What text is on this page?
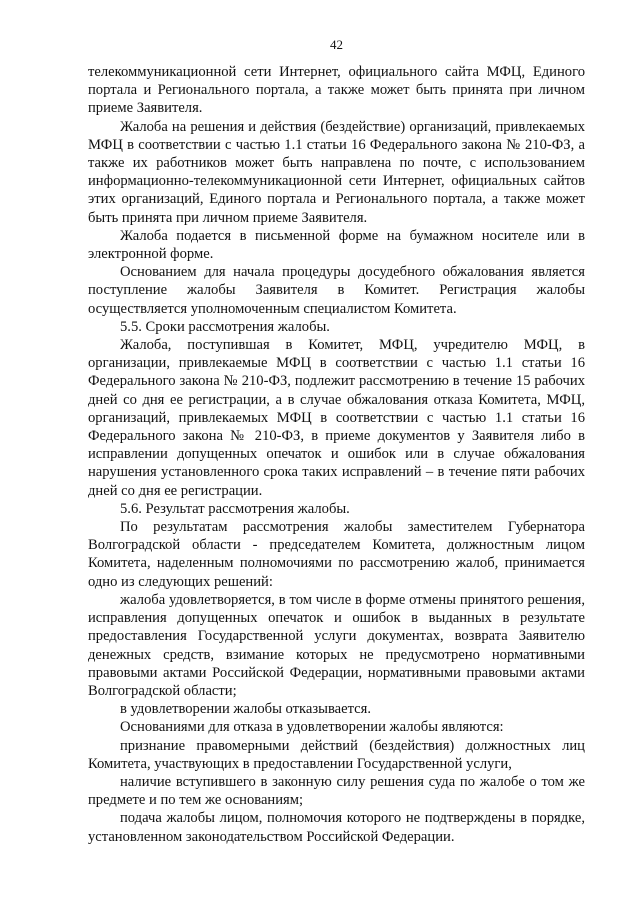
42

телекоммуникационной сети Интернет, официального сайта МФЦ, Единого портала и Регионального портала, а также может быть принята при личном приеме Заявителя.

Жалоба на решения и действия (бездействие) организаций, привлекаемых МФЦ в соответствии с частью 1.1 статьи 16 Федерального закона № 210-ФЗ, а также их работников может быть направлена по почте, с использованием информационно-телекоммуникационной сети Интернет, официальных сайтов этих организаций, Единого портала и Регионального портала, а также может быть принята при личном приеме Заявителя.

Жалоба подается в письменной форме на бумажном носителе или в электронной форме.

Основанием для начала процедуры досудебного обжалования является поступление жалобы Заявителя в Комитет. Регистрация жалобы осуществляется уполномоченным специалистом Комитета.

5.5. Сроки рассмотрения жалобы.

Жалоба, поступившая в Комитет, МФЦ, учредителю МФЦ, в организации, привлекаемые МФЦ в соответствии с частью 1.1 статьи 16 Федерального закона № 210-ФЗ, подлежит рассмотрению в течение 15 рабочих дней со дня ее регистрации, а в случае обжалования отказа Комитета, МФЦ, организаций, привлекаемых МФЦ в соответствии с частью 1.1 статьи 16 Федерального закона № 210-ФЗ, в приеме документов у Заявителя либо в исправлении допущенных опечаток и ошибок или в случае обжалования нарушения установленного срока таких исправлений – в течение пяти рабочих дней со дня ее регистрации.

5.6. Результат рассмотрения жалобы.

По результатам рассмотрения жалобы заместителем Губернатора Волгоградской области - председателем Комитета, должностным лицом Комитета, наделенным полномочиями по рассмотрению жалоб, принимается одно из следующих решений:

жалоба удовлетворяется, в том числе в форме отмены принятого решения, исправления допущенных опечаток и ошибок в выданных в результате предоставления Государственной услуги документах, возврата Заявителю денежных средств, взимание которых не предусмотрено нормативными правовыми актами Российской Федерации, нормативными правовыми актами Волгоградской области;

в удовлетворении жалобы отказывается.

Основаниями для отказа в удовлетворении жалобы являются:

признание правомерными действий (бездействия) должностных лиц Комитета, участвующих в предоставлении Государственной услуги,

наличие вступившего в законную силу решения суда по жалобе о том же предмете и по тем же основаниям;

подача жалобы лицом, полномочия которого не подтверждены в порядке, установленном законодательством Российской Федерации.
